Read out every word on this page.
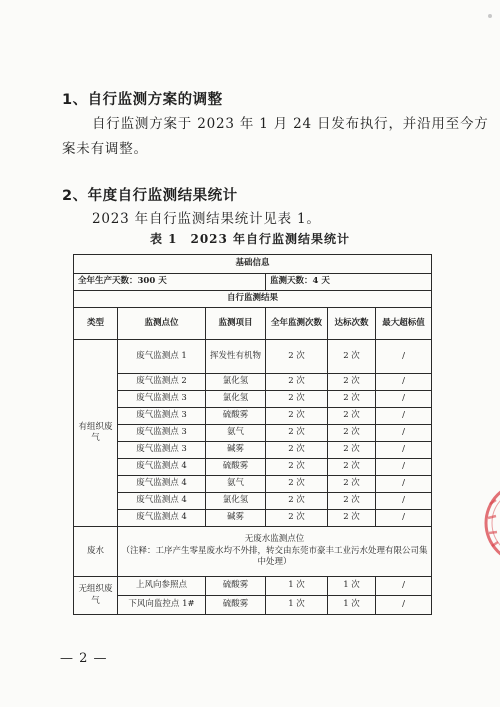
1、自行监测方案的调整
自行监测方案于 2023 年 1 月 24 日发布执行，并沿用至今方
案未有调整。
2、年度自行监测结果统计
2023 年自行监测结果统计见表 1。
表 1　2023 年自行监测结果统计
基础信息					
全年生产天数：300 天			监测天数：4 天		
自行监测结果					
类型	监测点位	监测项目	全年监测次数	达标次数	最大超标值
有组织废气	废气监测点 1	挥发性有机物	2 次	2 次	/
	废气监测点 2	氯化氢	2 次	2 次	/
	废气监测点 3	氯化氢	2 次	2 次	/
	废气监测点 3	硫酸雾	2 次	2 次	/
	废气监测点 3	氨气	2 次	2 次	/
	废气监测点 3	碱雾	2 次	2 次	/
	废气监测点 4	硫酸雾	2 次	2 次	/
	废气监测点 4	氨气	2 次	2 次	/
	废气监测点 4	氯化氢	2 次	2 次	/
	废气监测点 4	碱雾	2 次	2 次	/
废水	无废水监测点位
（注释：工序产生零星废水均不外排，转交由东莞市豪丰工业污水处理有限公司集中处理）				

无组织废气	上风向参照点	硫酸雾	1 次	1 次	/
	下风向监控点 1#	硫酸雾	1 次	1 次	/
— 2 —
